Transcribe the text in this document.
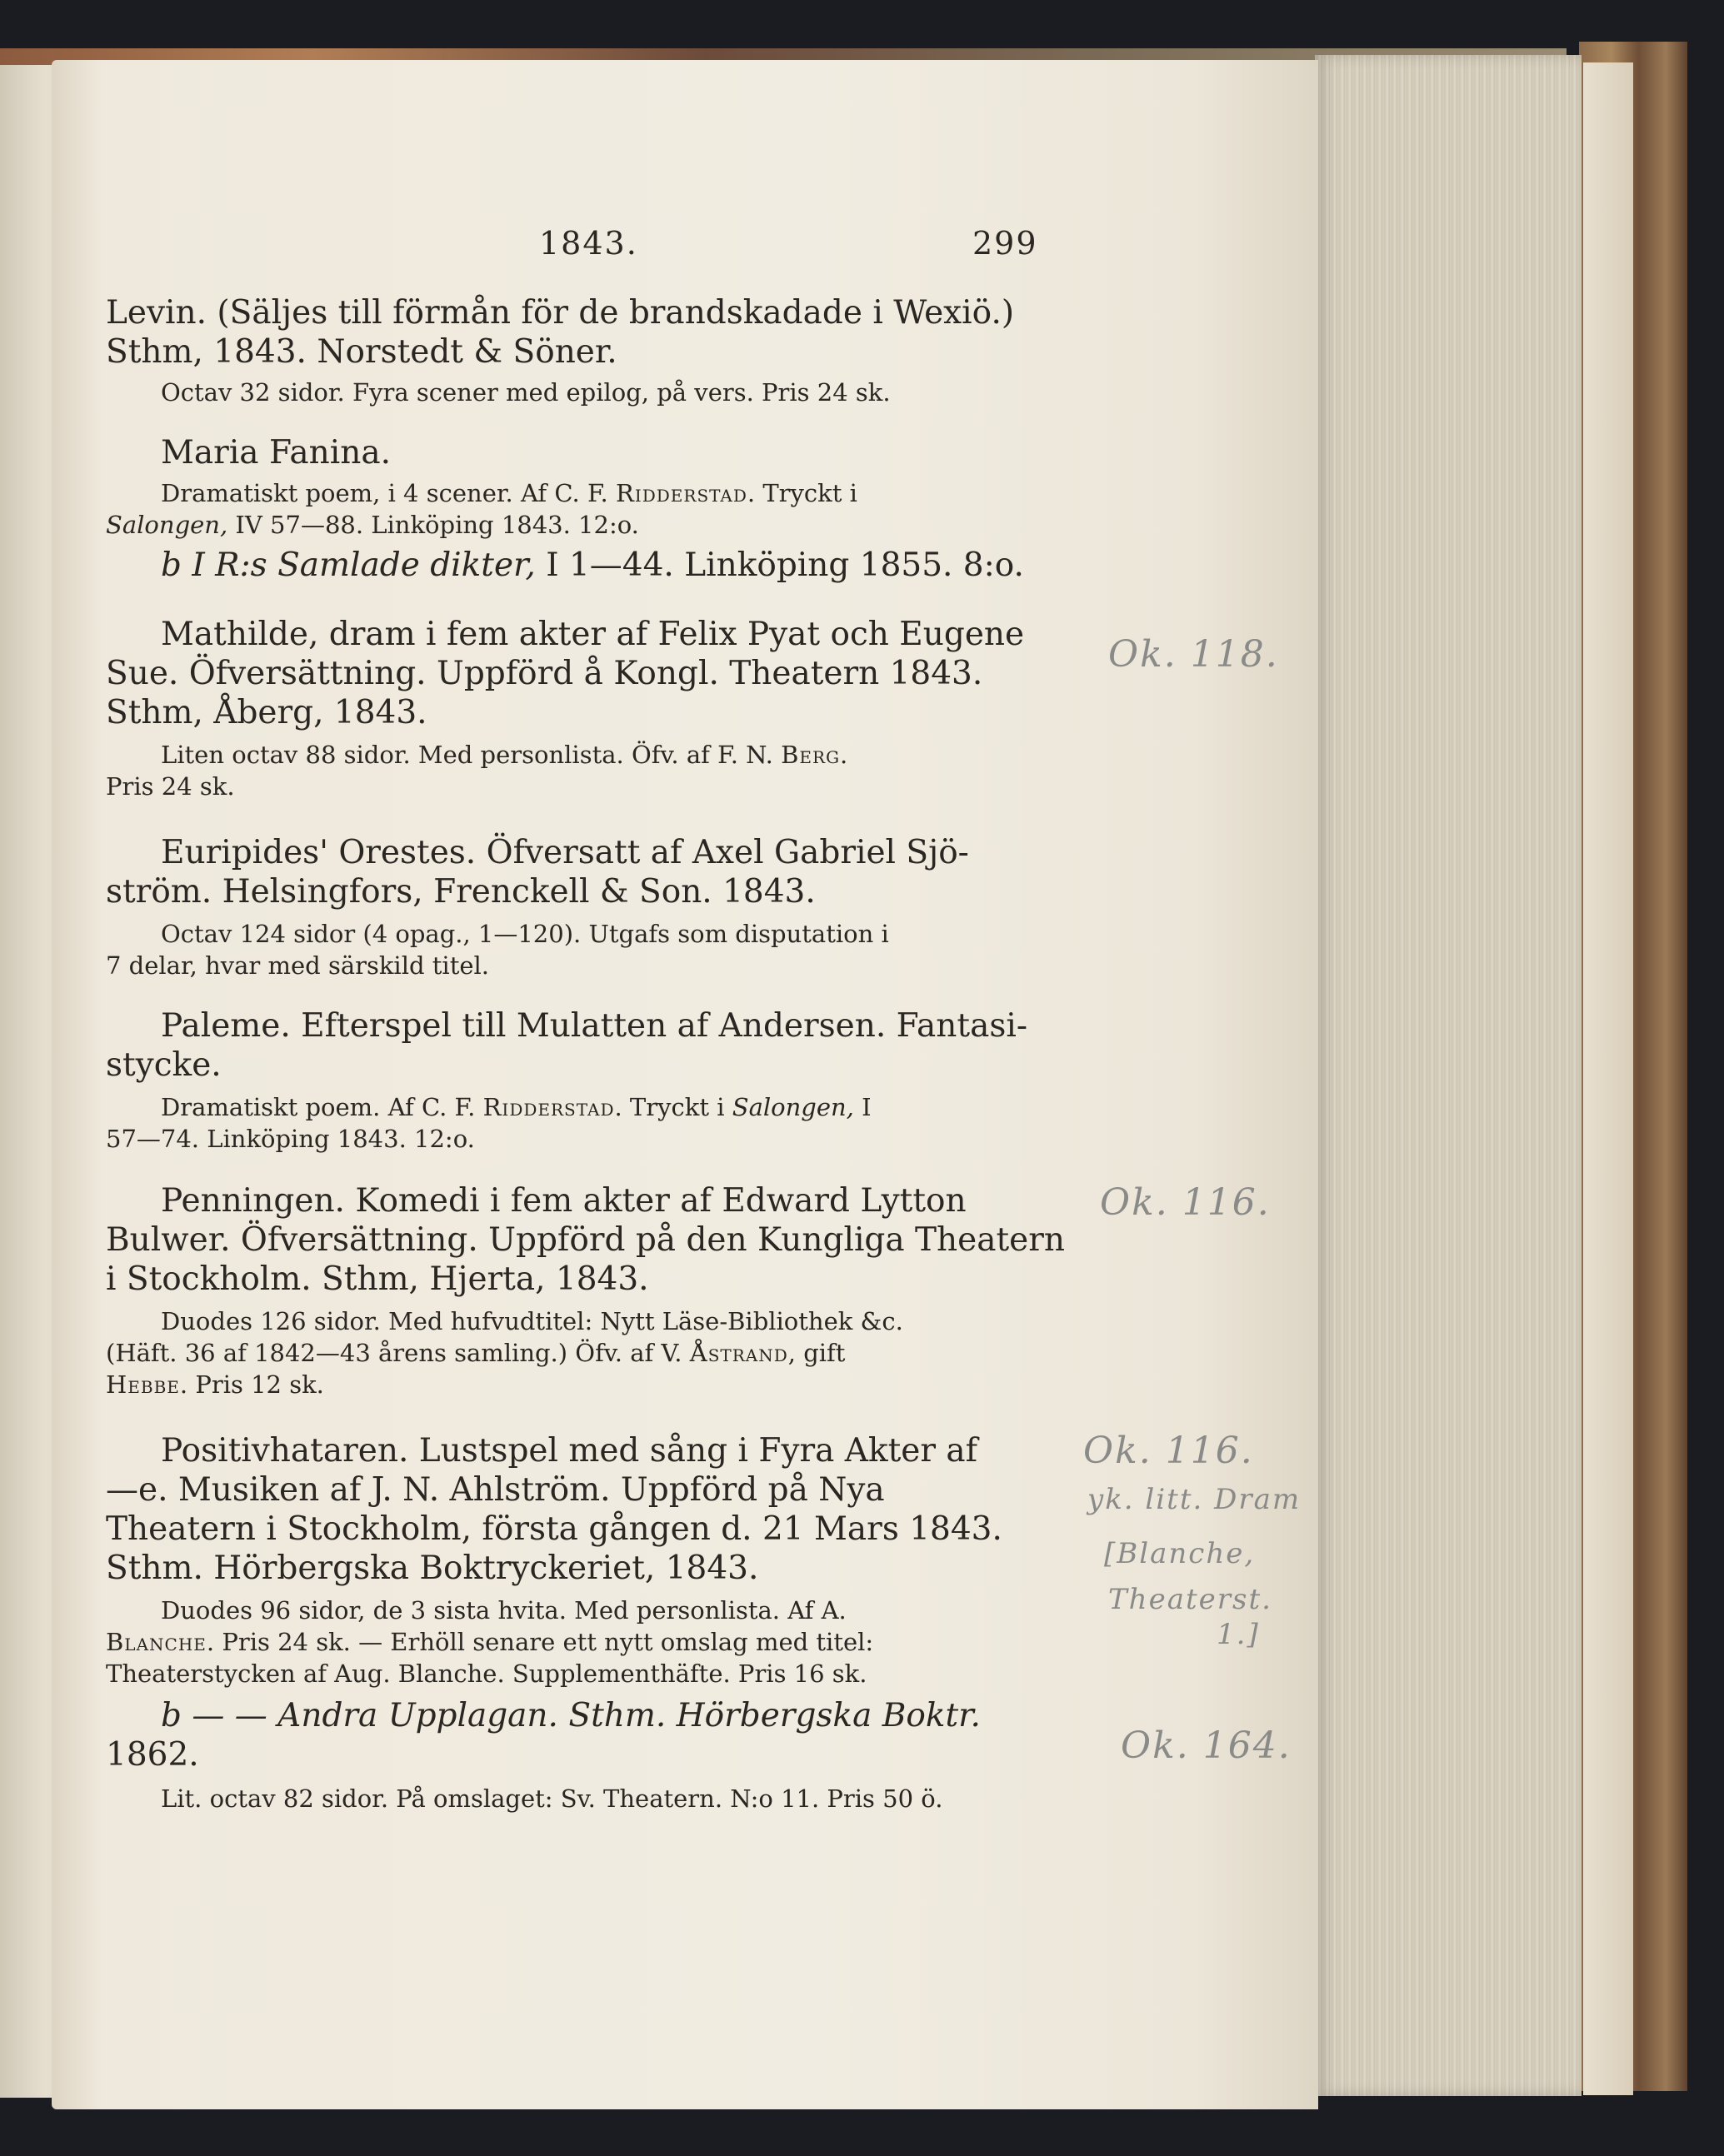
1843.	299

Levin. (Säljes till förmån för de brandskadade i Wexiö.)
Sthm, 1843. Norstedt & Söner.

Octav 32 sidor. Fyra scener med epilog, på vers. Pris 24 sk.

Maria Fanina.

Dramatiskt poem, i 4 scener. Af C. F. Ridderstad. Tryckt i
Salongen, IV 57—88. Linköping 1843. 12:o.

b I R:s Samlade dikter, I 1—44. Linköping 1855. 8:o.

Mathilde, dram i fem akter af Felix Pyat och Eugene
Sue. Öfversättning. Uppförd å Kongl. Theatern 1843.
Sthm, Åberg, 1843.

Liten octav 88 sidor. Med personlista. Öfv. af F. N. Berg.
Pris 24 sk.

Euripides' Orestes. Öfversatt af Axel Gabriel Sjö-
ström. Helsingfors, Frenckell & Son. 1843.

Octav 124 sidor (4 opag., 1—120). Utgafs som disputation i
7 delar, hvar med särskild titel.

Paleme. Efterspel till Mulatten af Andersen. Fantasi-
stycke.

Dramatiskt poem. Af C. F. Ridderstad. Tryckt i Salongen, I
57—74. Linköping 1843. 12:o.

Penningen. Komedi i fem akter af Edward Lytton
Bulwer. Öfversättning. Uppförd på den Kungliga Theatern
i Stockholm. Sthm, Hjerta, 1843.

Duodes 126 sidor. Med hufvudtitel: Nytt Läse-Bibliothek &c.
(Häft. 36 af 1842—43 årens samling.) Öfv. af V. Åstrand, gift
Hebbe. Pris 12 sk.

Positivhataren. Lustspel med sång i Fyra Akter af
—e. Musiken af J. N. Ahlström. Uppförd på Nya
Theatern i Stockholm, första gången d. 21 Mars 1843.
Sthm. Hörbergska Boktryckeriet, 1843.

Duodes 96 sidor, de 3 sista hvita. Med personlista. Af A.
Blanche. Pris 24 sk. — Erhöll senare ett nytt omslag med titel:
Theaterstycken af Aug. Blanche. Supplementhäfte. Pris 16 sk.

b — — Andra Upplagan. Sthm. Hörbergska Boktr.
1862.

Lit. octav 82 sidor. På omslaget: Sv. Theatern. N:o 11. Pris 50 ö.

Ok. 118.
Ok. 116.
Ok. 116.
yk. litt. Dram
[Blanche,
Theaterst.
1.]
Ok. 164.
